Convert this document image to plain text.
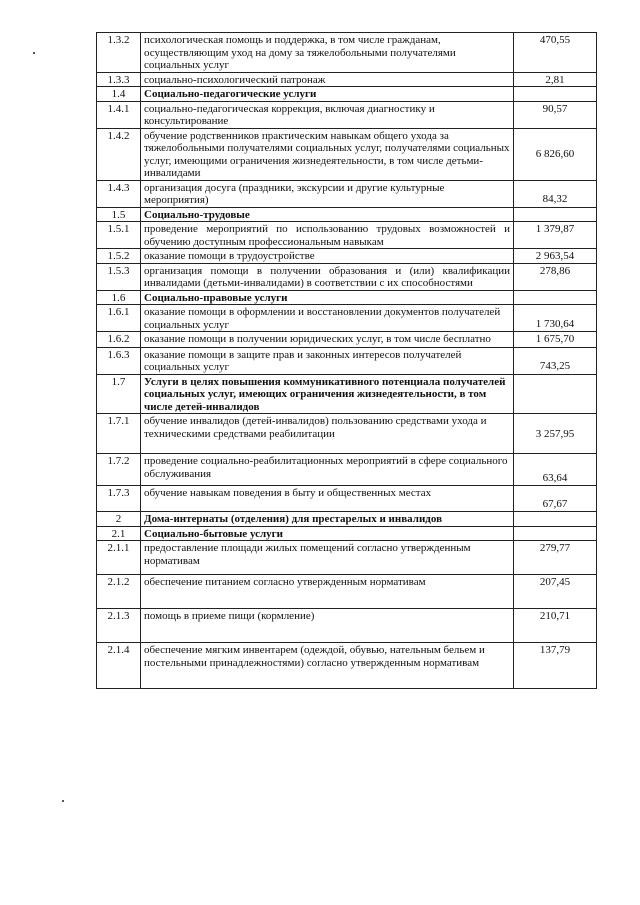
1.3.2	психологическая помощь и поддержка, в том числе гражданам, осуществляющим уход на дому за тяжелобольными получателями социальных услуг	470,55
1.3.3	социально-психологический патронаж	2,81
1.4	Социально-педагогические услуги	
1.4.1	социально-педагогическая коррекция, включая диагностику и консультирование	90,57
1.4.2	обучение родственников практическим навыкам общего ухода за тяжелобольными получателями социальных услуг, получателями социальных услуг, имеющими ограничения жизнедеятельности, в том числе детьми-инвалидами	6 826,60
1.4.3	организация досуга (праздники, экскурсии и другие культурные мероприятия)	84,32
1.5	Социально-трудовые	
1.5.1	проведение мероприятий по использованию трудовых возможностей и обучению доступным профессиональным навыкам	1 379,87
1.5.2	оказание помощи в трудоустройстве	2 963,54
1.5.3	организация помощи в получении образования и (или) квалификации инвалидами (детьми-инвалидами) в соответствии с их способностями	278,86
1.6	Социально-правовые услуги	
1.6.1	оказание помощи в оформлении и восстановлении документов получателей социальных услуг	1 730,64
1.6.2	оказание помощи в получении юридических услуг, в том числе бесплатно	1 675,70
1.6.3	оказание помощи в защите прав и законных интересов получателей социальных услуг	743,25
1.7	Услуги в целях повышения коммуникативного потенциала получателей социальных услуг, имеющих ограничения жизнедеятельности, в том числе детей-инвалидов	
1.7.1	обучение инвалидов (детей-инвалидов) пользованию средствами ухода и техническими средствами реабилитации	3 257,95
1.7.2	проведение социально-реабилитационных мероприятий в сфере социального обслуживания	63,64
1.7.3	обучение навыкам поведения в быту и общественных местах	67,67
2	Дома-интернаты (отделения) для престарелых и инвалидов	
2.1	Социально-бытовые услуги	
2.1.1	предоставление площади жилых помещений согласно утвержденным нормативам	279,77
2.1.2	обеспечение питанием согласно утвержденным нормативам	207,45
2.1.3	помощь в приеме пищи (кормление)	210,71
2.1.4	обеспечение мягким инвентарем (одеждой, обувью, нательным бельем и постельными принадлежностями) согласно утвержденным нормативам	137,79
